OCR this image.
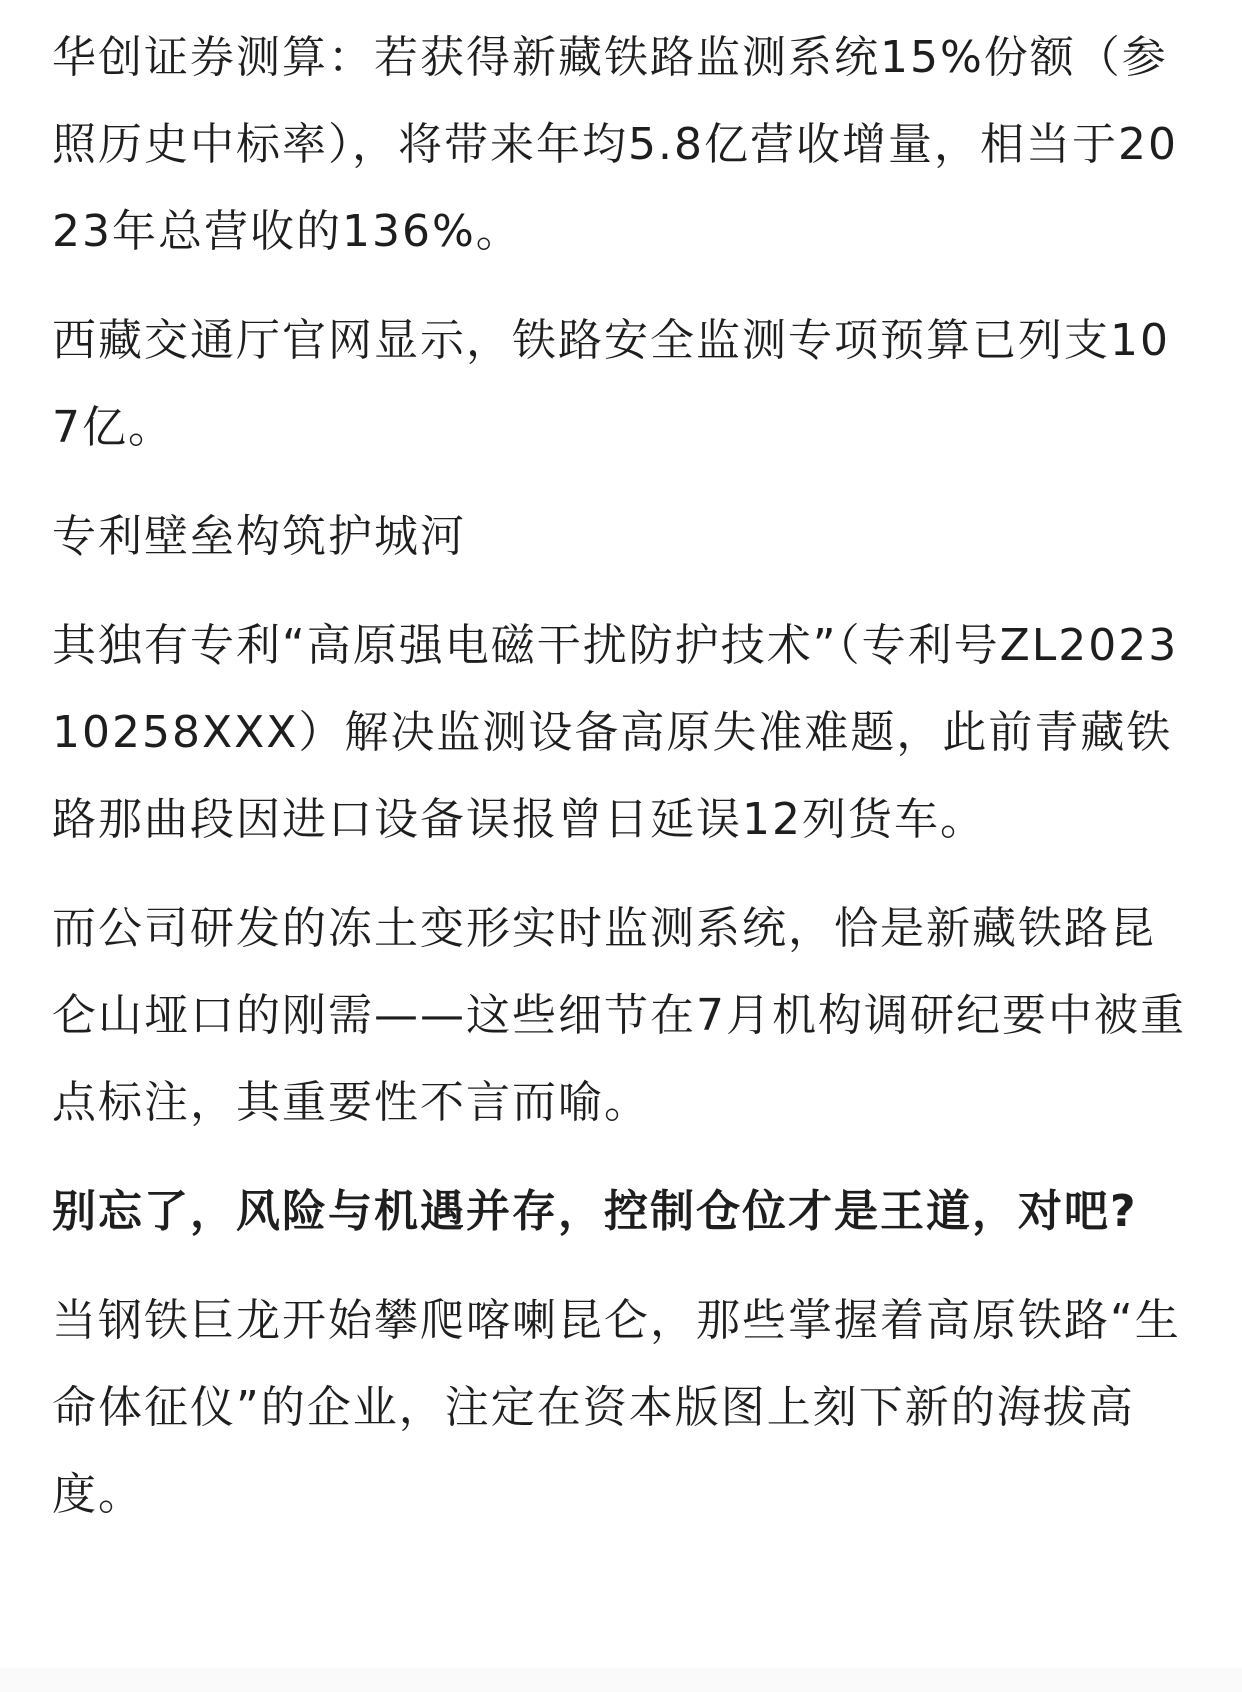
华创证券测算：若获得新藏铁路监测系统15%份额（参照历史中标率），将带来年均5.8亿营收增量，相当于2023年总营收的136%。

西藏交通厅官网显示，铁路安全监测专项预算已列支107亿。

专利壁垒构筑护城河

其独有专利“高原强电磁干扰防护技术”（专利号ZL202310258XXX）解决监测设备高原失准难题，此前青藏铁路那曲段因进口设备误报曾日延误12列货车。

而公司研发的冻土变形实时监测系统，恰是新藏铁路昆仑山垭口的刚需——这些细节在7月机构调研纪要中被重点标注，其重要性不言而喻。

别忘了，风险与机遇并存，控制仓位才是王道，对吧?

当钢铁巨龙开始攀爬喀喇昆仑，那些掌握着高原铁路“生命体征仪”的企业，注定在资本版图上刻下新的海拔高度。
